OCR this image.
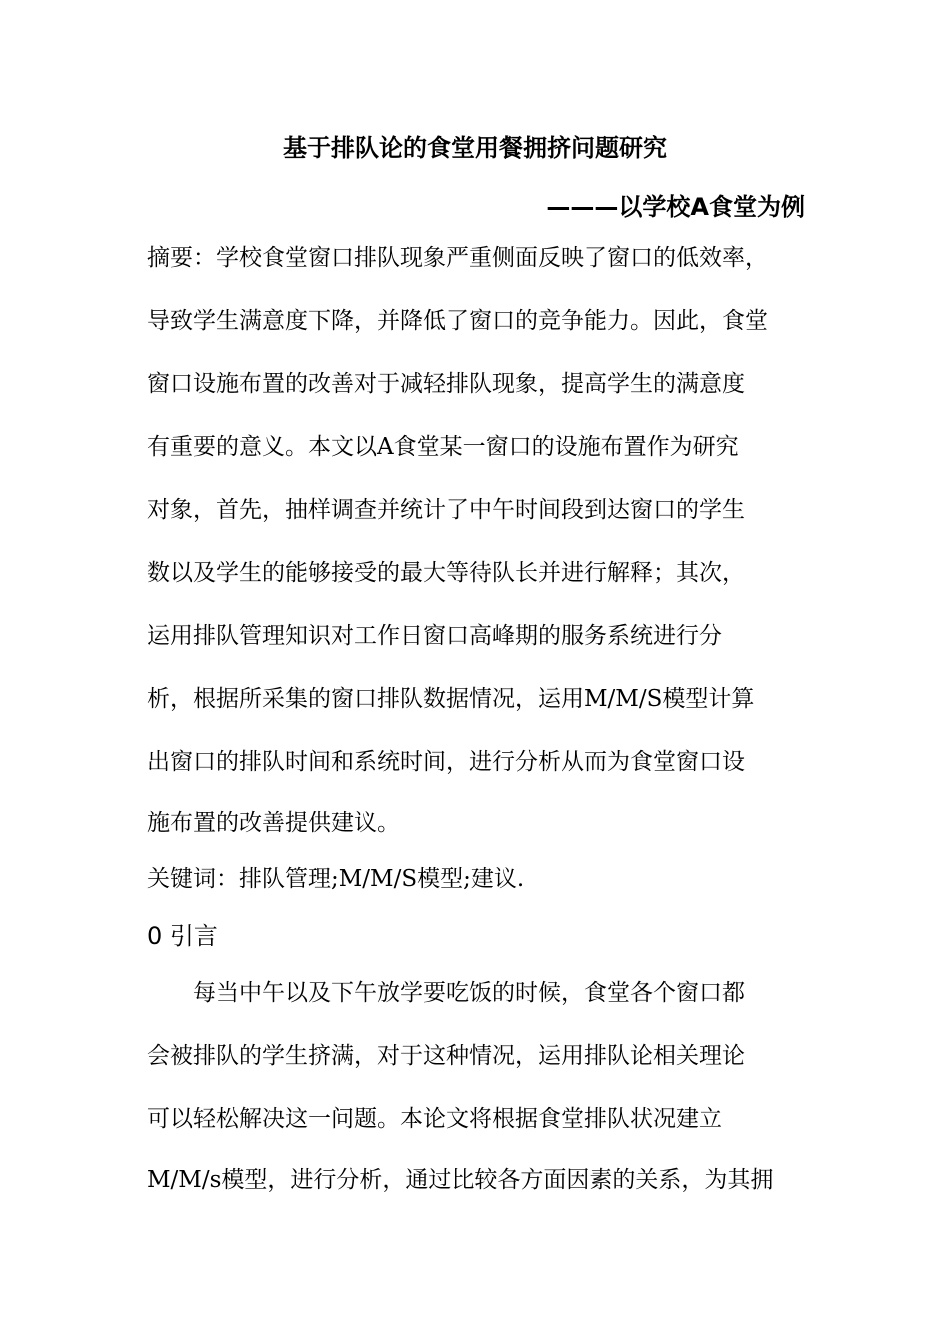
基于排队论的食堂用餐拥挤问题研究
———以学校A食堂为例
摘要：学校食堂窗口排队现象严重侧面反映了窗口的低效率，
导致学生满意度下降，并降低了窗口的竞争能力。因此，食堂
窗口设施布置的改善对于减轻排队现象，提高学生的满意度
有重要的意义。本文以A食堂某一窗口的设施布置作为研究
对象，首先，抽样调查并统计了中午时间段到达窗口的学生
数以及学生的能够接受的最大等待队长并进行解释；其次，
运用排队管理知识对工作日窗口高峰期的服务系统进行分
析，根据所采集的窗口排队数据情况，运用M/M/S模型计算
出窗口的排队时间和系统时间，进行分析从而为食堂窗口设
施布置的改善提供建议。
关键词：排队管理;M/M/S模型;建议.
0 引言
　　每当中午以及下午放学要吃饭的时候，食堂各个窗口都
会被排队的学生挤满，对于这种情况，运用排队论相关理论
可以轻松解决这一问题。本论文将根据食堂排队状况建立
M/M/s模型，进行分析，通过比较各方面因素的关系，为其拥
